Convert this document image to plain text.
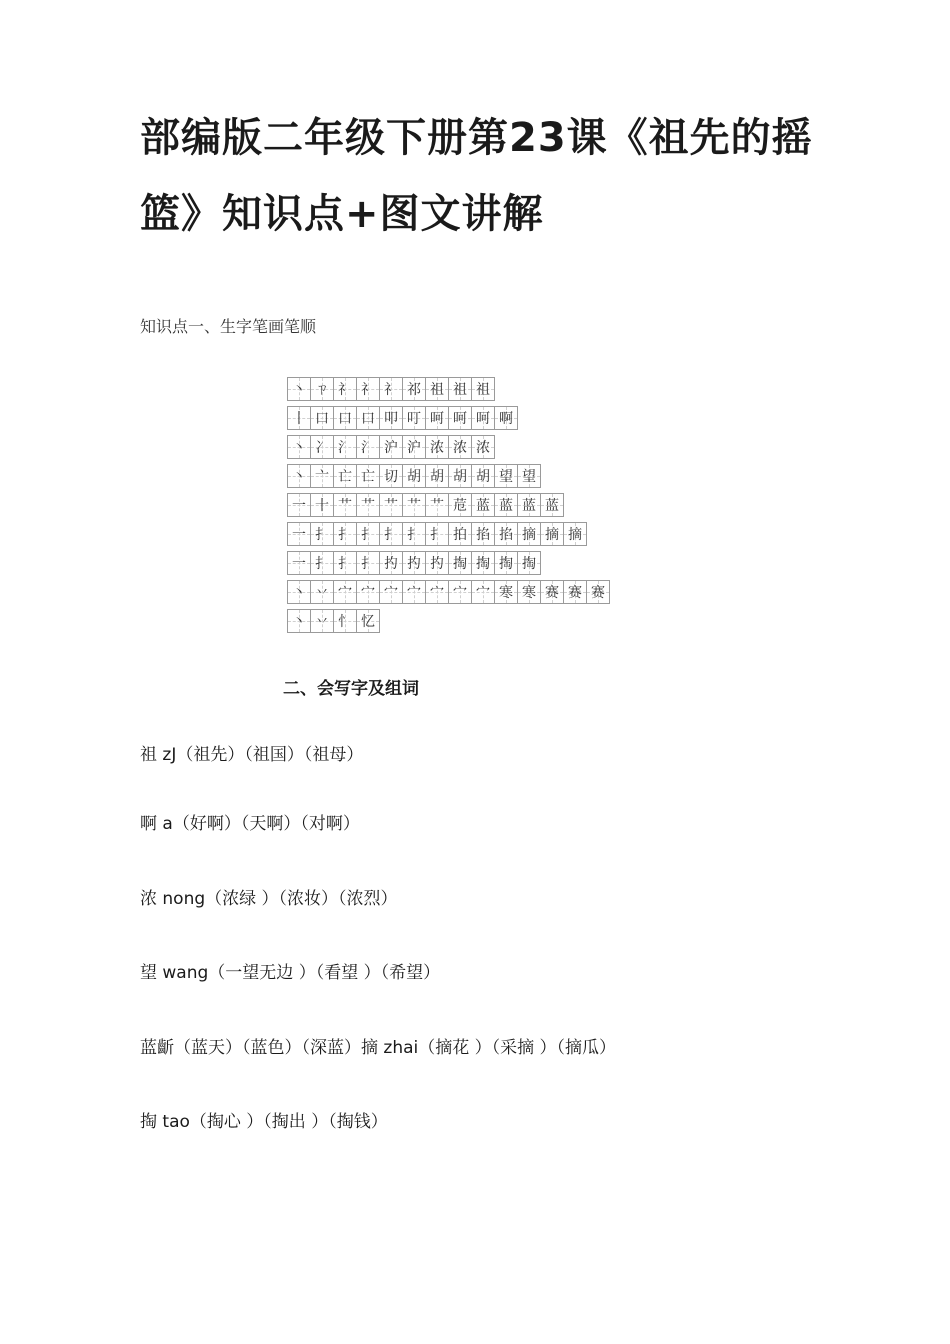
部编版二年级下册第23课《祖先的摇篮》知识点+图文讲解
知识点一、生字笔画笔顺
丶 ㄗ 礻 礻 礻 祁 祖 祖 祖
丨 口 口 口 叩 叮 呵 呵 呵 啊
丶 冫 氵 氵 沪 沪 浓 浓 浓
丶 亠 亡 亡 切 胡 胡 胡 胡 望 望
一 十 艹 艹 艹 艹 艹 苊 蓝 蓝 蓝 蓝
一 扌 扌 扌 扌 扌 扌 拍 掐 掐 摘 摘 摘
一 扌 扌 扌 扚 扚 扚 掏 掏 掏 掏
丶 丷 宀 宀 宀 宀 宀 宀 宀 寒 寒 赛 赛 赛
丶 丷 忄 忆
二、会写字及组词
祖 zJ（祖先）（祖国）（祖母）
啊 a（好啊）（天啊）（对啊）
浓 nong（浓绿 ）（浓妆）（浓烈）
望 wang（一望无边 ）（看望 ）（希望）
蓝齗（蓝天）（蓝色）（深蓝）摘 zhai（摘花 ）（采摘 ）（摘瓜）
掏 tao（掏心 ）（掏出 ）（掏钱）
